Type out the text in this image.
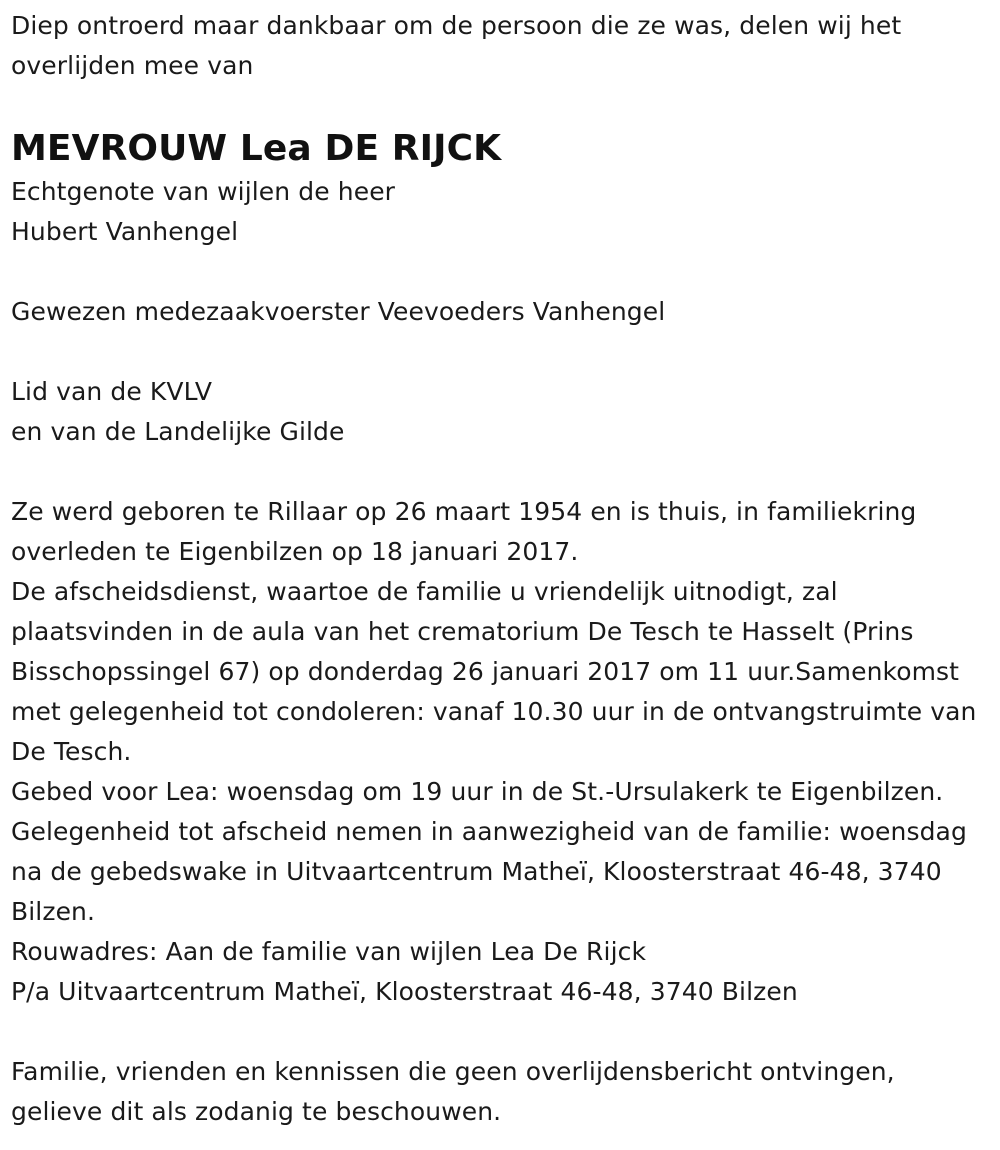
Diep ontroerd maar dankbaar om de persoon die ze was, delen wij het overlijden mee van

MEVROUW Lea DE RIJCK

Echtgenote van wijlen de heer
Hubert Vanhengel

Gewezen medezaakvoerster Veevoeders Vanhengel

Lid van de KVLV
en van de Landelijke Gilde

Ze werd geboren te Rillaar op 26 maart 1954 en is thuis, in familiekring overleden te Eigenbilzen op 18 januari 2017.

De afscheidsdienst, waartoe de familie u vriendelijk uitnodigt, zal plaatsvinden in de aula van het crematorium De Tesch te Hasselt (Prins Bisschopssingel 67) op donderdag 26 januari 2017 om 11 uur.Samenkomst met gelegenheid tot condoleren: vanaf 10.30 uur in de ontvangstruimte van De Tesch.

Gebed voor Lea: woensdag om 19 uur in de St.-Ursulakerk te Eigenbilzen.

Gelegenheid tot afscheid nemen in aanwezigheid van de familie: woensdag na de gebedswake in Uitvaartcentrum Matheï, Kloosterstraat 46-48, 3740 Bilzen.

Rouwadres: Aan de familie van wijlen Lea De Rijck

P/a Uitvaartcentrum Matheï, Kloosterstraat 46-48, 3740 Bilzen

Familie, vrienden en kennissen die geen overlijdensbericht ontvingen, gelieve dit als zodanig te beschouwen.
